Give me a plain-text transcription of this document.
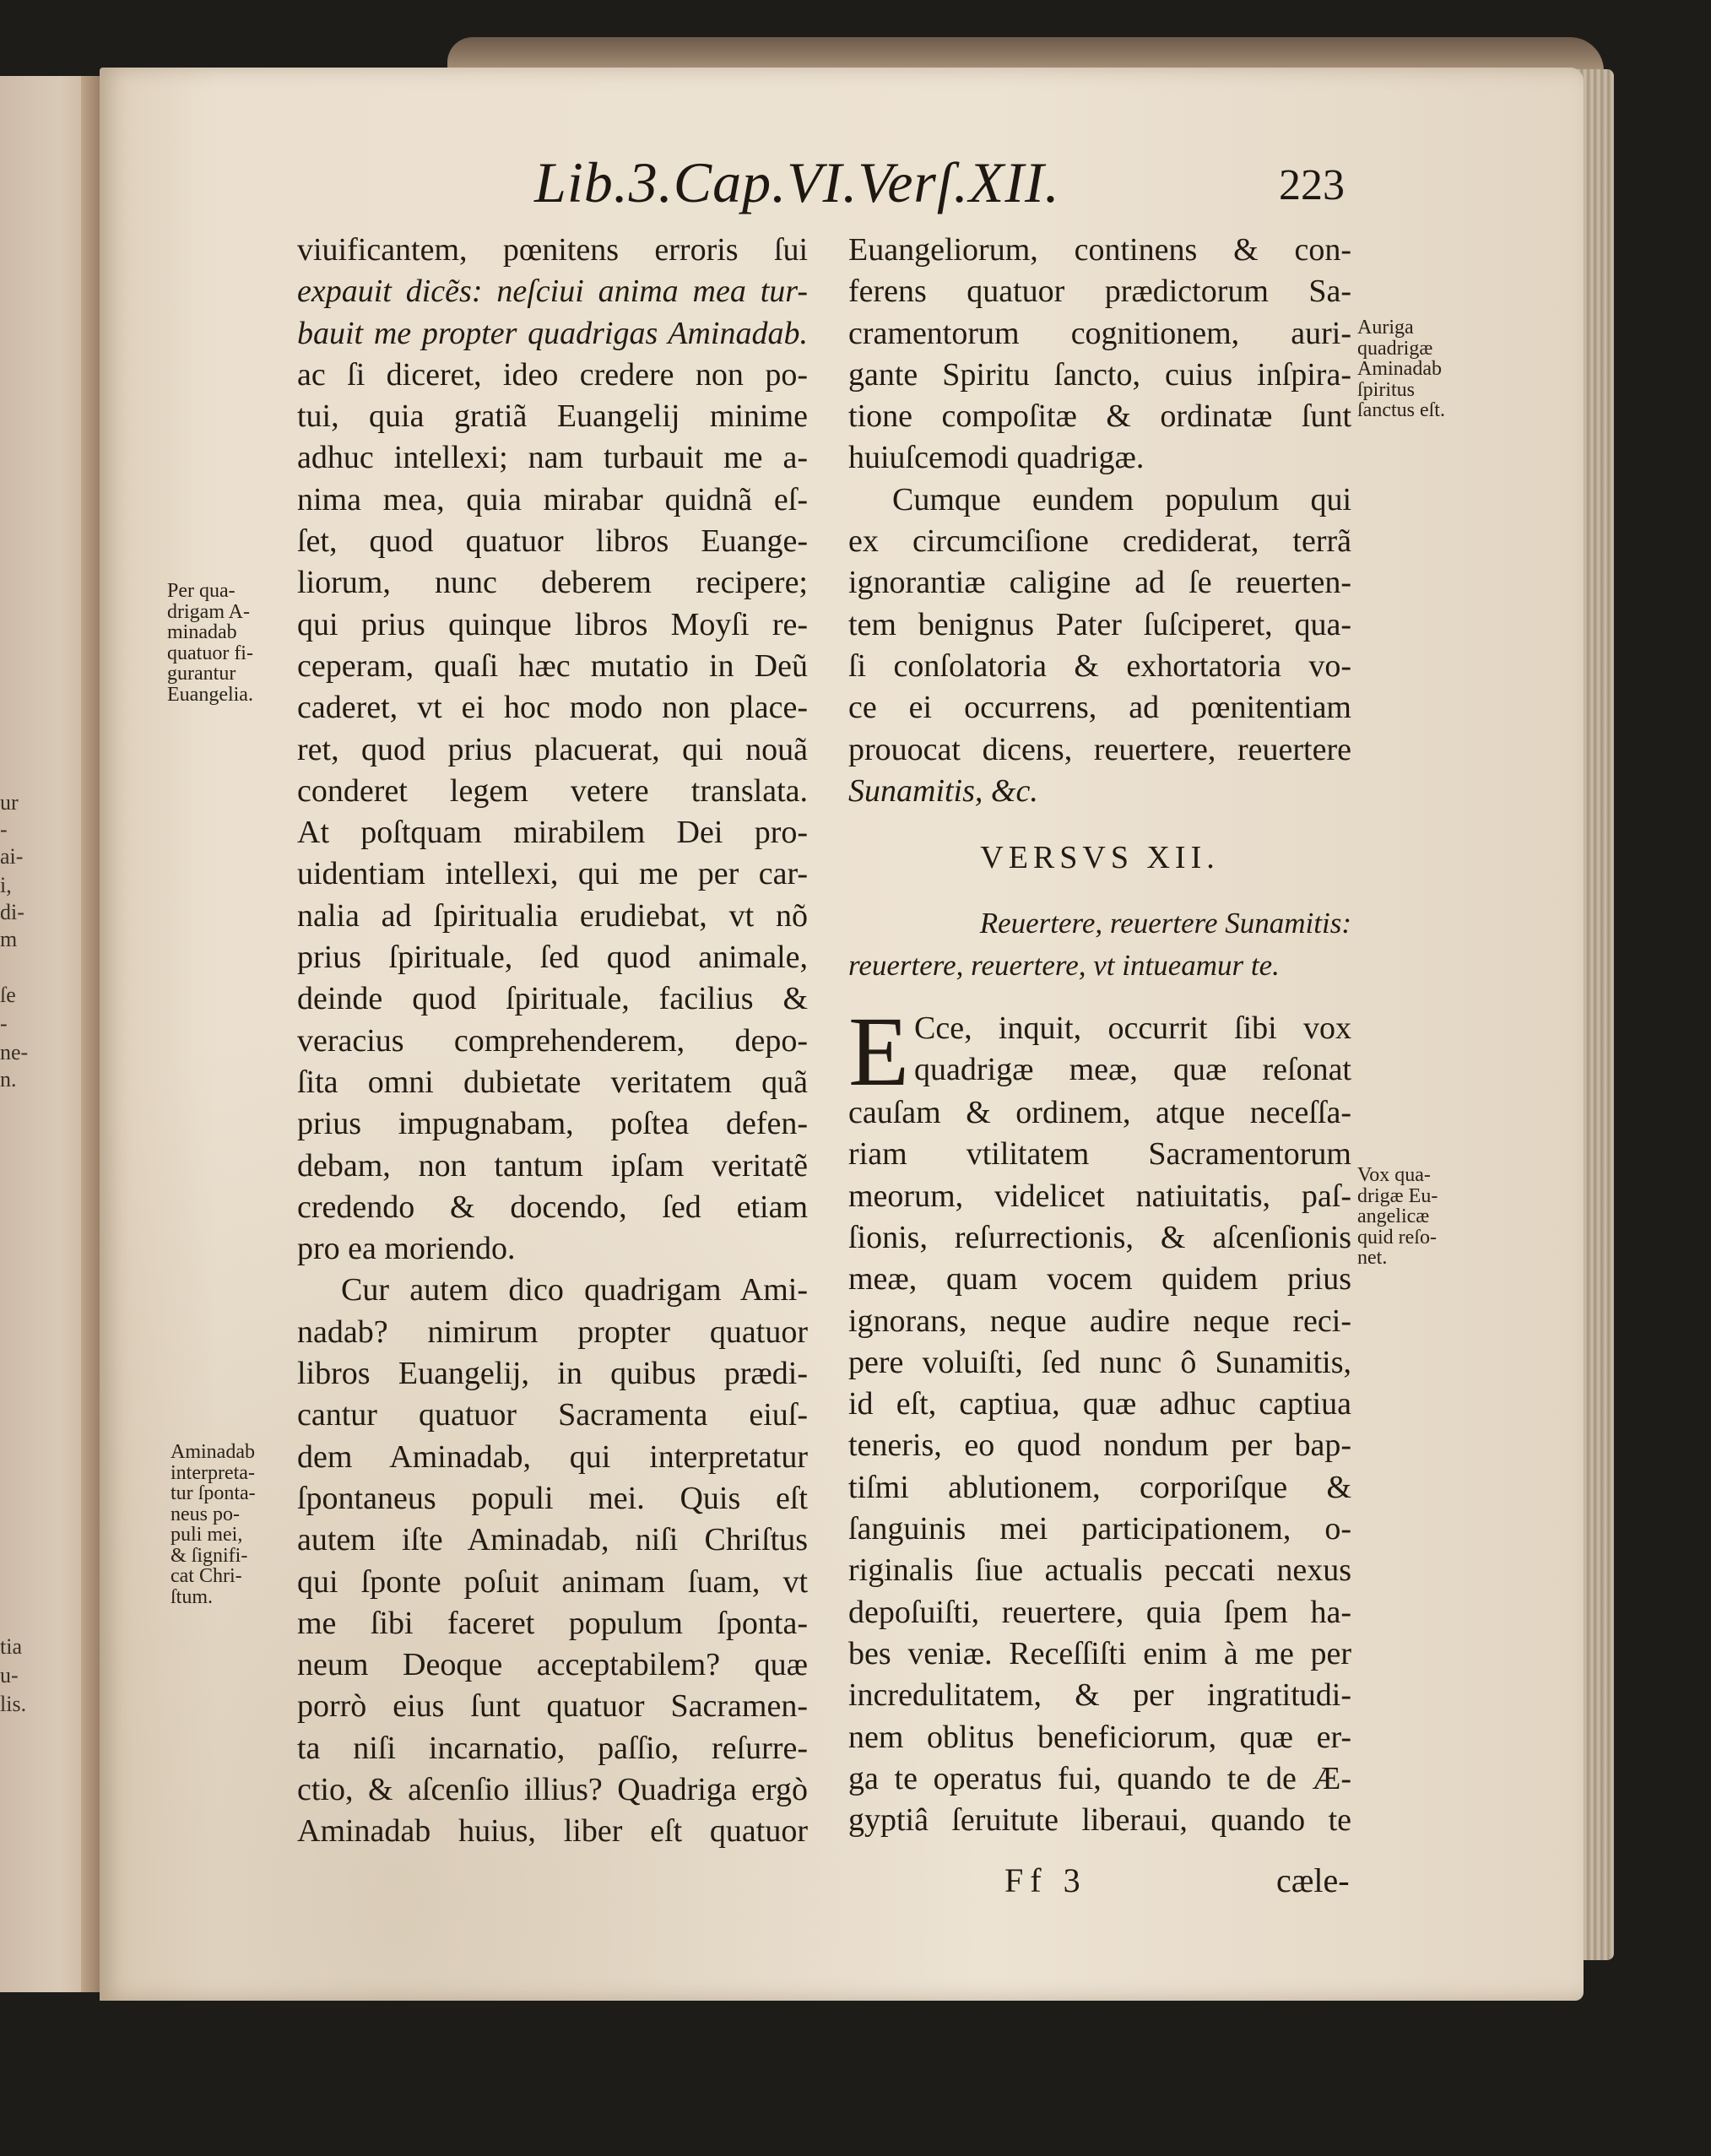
ur
-
ai-
i,
di-
m
ſe
-
ne-
n.
tia
u-
lis.
Lib.3.Cap.VI.Verſ.XII.	223
viuificantem, pœnitens erroris ſui
expauit dicẽs: neſciui anima mea tur-
bauit me propter quadrigas Aminadab.
ac ſi diceret, ideo credere non po-
tui, quia gratiã Euangelij minime
adhuc intellexi; nam turbauit me a-
nima mea, quia mirabar quidnã eſ-
ſet, quod quatuor libros Euange-
liorum, nunc deberem recipere;
qui prius quinque libros Moyſi re-
ceperam, quaſi hæc mutatio in Deũ
caderet, vt ei hoc modo non place-
ret, quod prius placuerat, qui nouã
conderet legem vetere translata.
At poſtquam mirabilem Dei pro-
uidentiam intellexi, qui me per car-
nalia ad ſpiritualia erudiebat, vt nõ
prius ſpirituale, ſed quod animale,
deinde quod ſpirituale, facilius &
veracius comprehenderem, depo-
ſita omni dubietate veritatem quã
prius impugnabam, poſtea defen-
debam, non tantum ipſam veritatẽ
credendo & docendo, ſed etiam
pro ea moriendo.
Cur autem dico quadrigam Ami-
nadab? nimirum propter quatuor
libros Euangelij, in quibus prædi-
cantur quatuor Sacramenta eiuſ-
dem Aminadab, qui interpretatur
ſpontaneus populi mei. Quis eſt
autem iſte Aminadab, niſi Chriſtus
qui ſponte poſuit animam ſuam, vt
me ſibi faceret populum ſponta-
neum Deoque acceptabilem? quæ
porrò eius ſunt quatuor Sacramen-
ta niſi incarnatio, paſſio, reſurre-
ctio, & aſcenſio illius? Quadriga ergò
Aminadab huius, liber eſt quatuor
Euangeliorum, continens & con-
ferens quatuor prædictorum Sa-
cramentorum cognitionem, auri-
gante Spiritu ſancto, cuius inſpira-
tione compoſitæ & ordinatæ ſunt
huiuſcemodi quadrigæ.
Cumque eundem populum qui
ex circumciſione crediderat, terrã
ignorantiæ caligine ad ſe reuerten-
tem benignus Pater ſuſciperet, qua-
ſi conſolatoria & exhortatoria vo-
ce ei occurrens, ad pœnitentiam
prouocat dicens, reuertere, reuertere
Sunamitis, &c.
VERSVS XII.
Reuertere, reuertere Sunamitis:
reuertere, reuertere, vt intueamur te.
E Cce, inquit, occurrit ſibi vox
quadrigæ meæ, quæ reſonat
cauſam & ordinem, atque neceſſa-
riam vtilitatem Sacramentorum
meorum, videlicet natiuitatis, paſ-
ſionis, reſurrectionis, & aſcenſionis
meæ, quam vocem quidem prius
ignorans, neque audire neque reci-
pere voluiſti, ſed nunc ô Sunamitis,
id eſt, captiua, quæ adhuc captiua
teneris, eo quod nondum per bap-
tiſmi ablutionem, corporiſque &
ſanguinis mei participationem, o-
riginalis ſiue actualis peccati nexus
depoſuiſti, reuertere, quia ſpem ha-
bes veniæ. Receſſiſti enim à me per
incredulitatem, & per ingratitudi-
nem oblitus beneficiorum, quæ er-
ga te operatus fui, quando te de Æ-
gyptiâ ſeruitute liberaui, quando te
Per qua-
drigam A-
minadab
quatuor fi-
gurantur
Euangelia.
Aminadab
interpreta-
tur ſponta-
neus po-
puli mei,
& ſignifi-
cat Chri-
ſtum.
Auriga
quadrigæ
Aminadab
ſpiritus
ſanctus eſt.
Vox qua-
drigæ Eu-
angelicæ
quid reſo-
net.
Ff 3	cæle-
